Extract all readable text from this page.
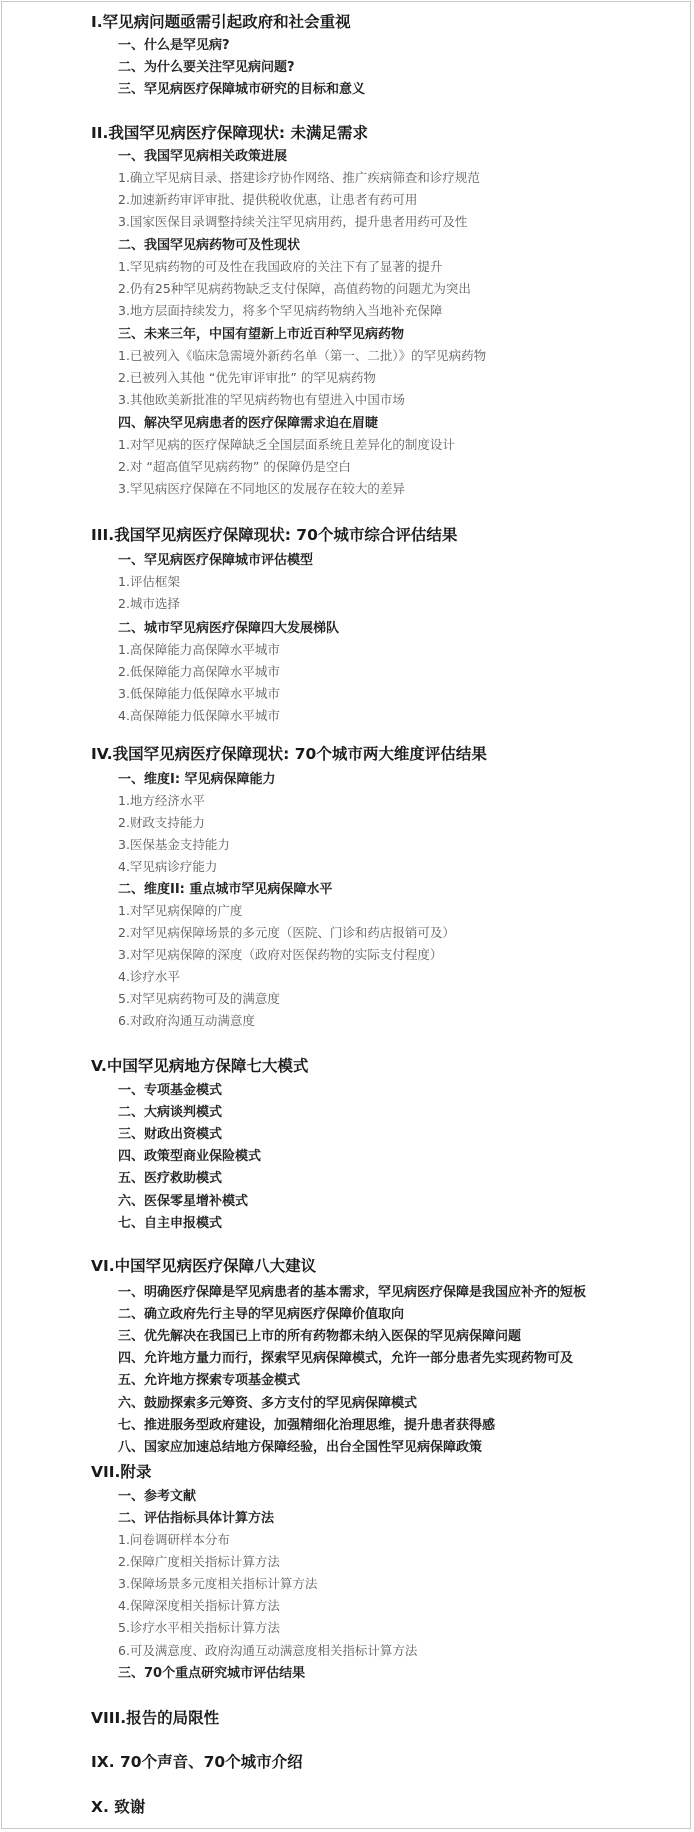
I.罕见病问题亟需引起政府和社会重视
一、什么是罕见病?
二、为什么要关注罕见病问题?
三、罕见病医疗保障城市研究的目标和意义
II.我国罕见病医疗保障现状: 未满足需求
一、我国罕见病相关政策进展
1.确立罕见病目录、搭建诊疗协作网络、推广疾病筛查和诊疗规范
2.加速新药审评审批、提供税收优惠，让患者有药可用
3.国家医保目录调整持续关注罕见病用药，提升患者用药可及性
二、我国罕见病药物可及性现状
1.罕见病药物的可及性在我国政府的关注下有了显著的提升
2.仍有25种罕见病药物缺乏支付保障，高值药物的问题尤为突出
3.地方层面持续发力，将多个罕见病药物纳入当地补充保障
三、未来三年，中国有望新上市近百种罕见病药物
1.已被列入《临床急需境外新药名单（第一、二批）》的罕见病药物
2.已被列入其他 “优先审评审批” 的罕见病药物
3.其他欧美新批准的罕见病药物也有望进入中国市场
四、解决罕见病患者的医疗保障需求迫在眉睫
1.对罕见病的医疗保障缺乏全国层面系统且差异化的制度设计
2.对 “超高值罕见病药物” 的保障仍是空白
3.罕见病医疗保障在不同地区的发展存在较大的差异
III.我国罕见病医疗保障现状: 70个城市综合评估结果
一、罕见病医疗保障城市评估模型
1.评估框架
2.城市选择
二、城市罕见病医疗保障四大发展梯队
1.高保障能力高保障水平城市
2.低保障能力高保障水平城市
3.低保障能力低保障水平城市
4.高保障能力低保障水平城市
IV.我国罕见病医疗保障现状: 70个城市两大维度评估结果
一、维度I: 罕见病保障能力
1.地方经济水平
2.财政支持能力
3.医保基金支持能力
4.罕见病诊疗能力
二、维度II: 重点城市罕见病保障水平
1.对罕见病保障的广度
2.对罕见病保障场景的多元度（医院、门诊和药店报销可及）
3.对罕见病保障的深度（政府对医保药物的实际支付程度）
4.诊疗水平
5.对罕见病药物可及的满意度
6.对政府沟通互动满意度
V.中国罕见病地方保障七大模式
一、专项基金模式
二、大病谈判模式
三、财政出资模式
四、政策型商业保险模式
五、医疗救助模式
六、医保零星增补模式
七、自主申报模式
VI.中国罕见病医疗保障八大建议
一、明确医疗保障是罕见病患者的基本需求，罕见病医疗保障是我国应补齐的短板
二、确立政府先行主导的罕见病医疗保障价值取向
三、优先解决在我国已上市的所有药物都未纳入医保的罕见病保障问题
四、允许地方量力而行，探索罕见病保障模式，允许一部分患者先实现药物可及
五、允许地方探索专项基金模式
六、鼓励探索多元筹资、多方支付的罕见病保障模式
七、推进服务型政府建设，加强精细化治理思维，提升患者获得感
八、国家应加速总结地方保障经验，出台全国性罕见病保障政策
VII.附录
一、参考文献
二、评估指标具体计算方法
1.问卷调研样本分布
2.保障广度相关指标计算方法
3.保障场景多元度相关指标计算方法
4.保障深度相关指标计算方法
5.诊疗水平相关指标计算方法
6.可及满意度、政府沟通互动满意度相关指标计算方法
三、70个重点研究城市评估结果
VIII.报告的局限性
IX. 70个声音、70个城市介绍
X. 致谢
